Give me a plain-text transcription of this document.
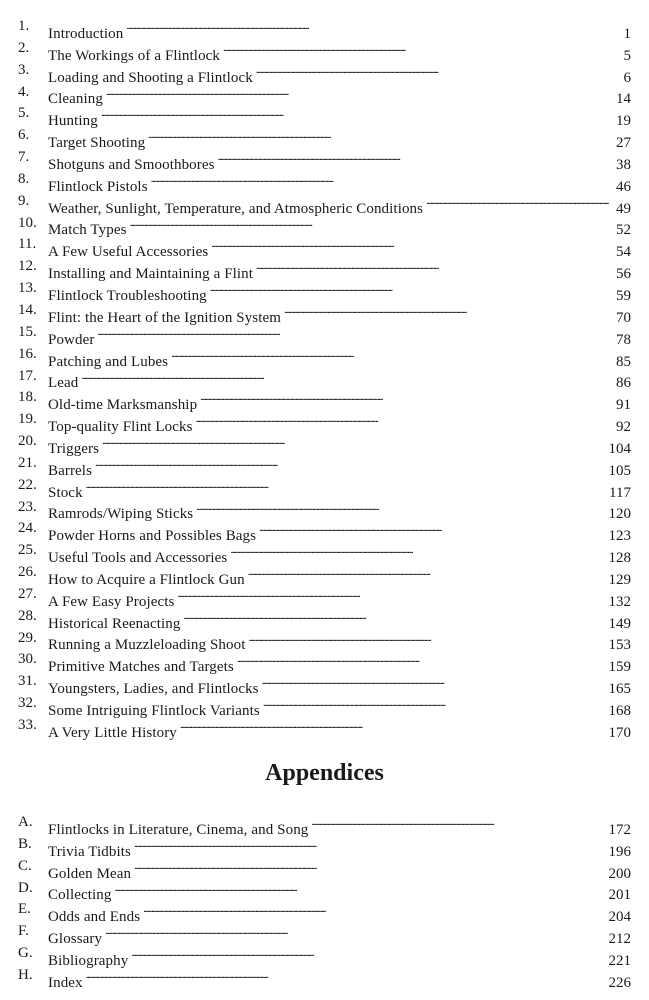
1. Introduction . . .	1
2. The Workings of a Flintlock . . .	5
3. Loading and Shooting a Flintlock . . .	6
4. Cleaning . . .	14
5. Hunting . . .	19
6. Target Shooting . . .	27
7. Shotguns and Smoothbores . . .	38
8. Flintlock Pistols . . .	46
9. Weather, Sunlight, Temperature, and Atmospheric Conditions . . .	49
10. Match Types . . .	52
11. A Few Useful Accessories . . .	54
12. Installing and Maintaining a Flint . . .	56
13. Flintlock Troubleshooting . . .	59
14. Flint: the Heart of the Ignition System . . .	70
15. Powder . . .	78
16. Patching and Lubes . . .	85
17. Lead . . .	86
18. Old-time Marksmanship . . .	91
19. Top-quality Flint Locks . . .	92
20. Triggers . . .	104
21. Barrels . . .	105
22. Stock . . .	117
23. Ramrods/Wiping Sticks . . .	120
24. Powder Horns and Possibles Bags . . .	123
25. Useful Tools and Accessories . . .	128
26. How to Acquire a Flintlock Gun . . .	129
27. A Few Easy Projects . . .	132
28. Historical Reenacting . . .	149
29. Running a Muzzleloading Shoot . . .	153
30. Primitive Matches and Targets . . .	159
31. Youngsters, Ladies, and Flintlocks . . .	165
32. Some Intriguing Flintlock Variants . . .	168
33. A Very Little History . . .	170
Appendices
A. Flintlocks in Literature, Cinema, and Song . . .	172
B. Trivia Tidbits . . .	196
C. Golden Mean . . .	200
D. Collecting . . .	201
E. Odds and Ends . . .	204
F. Glossary . . .	212
G. Bibliography . . .	221
H. Index . . .	226
